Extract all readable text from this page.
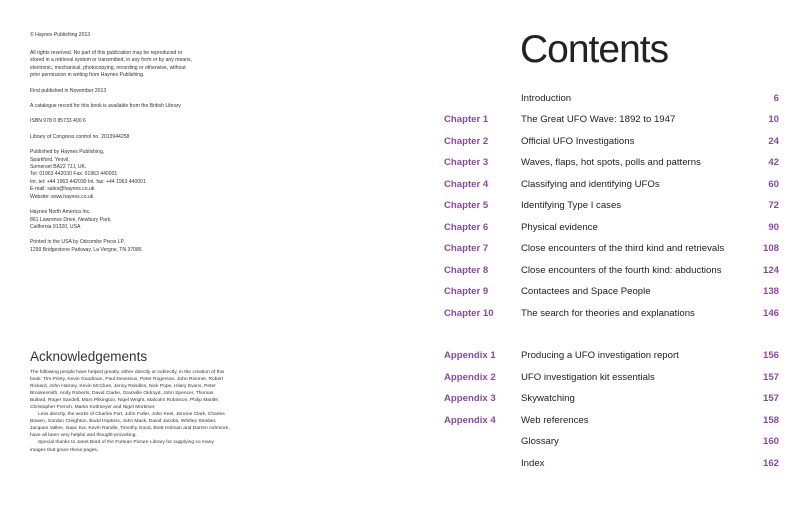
© Haynes Publishing 2013

All rights reserved. No part of this publication may be reproduced or
stored in a retrieval system or transmitted, in any form or by any means,
electronic, mechanical, photocopying, recording or otherwise, without
prior permission in writing from Haynes Publishing.

First published in November 2013

A catalogue record for this book is available from the British Library

ISBN 978 0 85733 400 6

Library of Congress control no. 2013944258

Published by Haynes Publishing,
Sparkford, Yeovil,
Somerset BA22 7JJ, UK.
Tel: 01963 442030 Fax: 01963 440001
Int. tel: +44 1963 442030 Int. fax: +44 1963 440001
E-mail: sales@haynes.co.uk
Website: www.haynes.co.uk

Haynes North America Inc.
861 Lawrence Drive, Newbury Park,
California 91320, USA

Printed in the USA by Odcombe Press LP,
1299 Bridgestone Parkway, La Vergne, TN 37086

Acknowledgements

The following people have helped greatly, either directly or indirectly, in the creation of this book: Tim Printy, Kevin Goodman, Paul Devereux, Peter Rogerson, John Rimmer, Robert Rickard, John Harney, Kevin McClure, Jenny Randles, Nick Pope, Hilary Evans, Peter Brookesmith, Andy Roberts, David Clarke, Granville Oldroyd, John Spencer, Thomas Bullard, Roger Sandell, Mars Pilkington, Nigel Wright, Malcolm Robinson, Philip Mantle, Christopher French, Martin Kottmeyer and Nigel Mortimer.

Less directly, the works of Charles Fort, John Fuller, John Keel, Jerome Clark, Charles Bowen, Gordon Creighton, Budd Hopkins, John Mack, David Jacobs, Whitley Strieber, Jacques Vallee, Isaac Koi, Kevin Randle, Timothy Good, Brett Holman and Darren Ashmore, have all been very helpful and thought-provoking.

Special thanks to Janet Bord of the Fortean Picture Library for supplying so many images that grace these pages.

Contents
Introduction	6
Chapter 1	The Great UFO Wave: 1892 to 1947	10
Chapter 2	Official UFO Investigations	24
Chapter 3	Waves, flaps, hot spots, polls and patterns	42
Chapter 4	Classifying and identifying UFOs	60
Chapter 5	Identifying Type I cases	72
Chapter 6	Physical evidence	90
Chapter 7	Close encounters of the third kind and retrievals	108
Chapter 8	Close encounters of the fourth kind: abductions	124
Chapter 9	Contactees and Space People	138
Chapter 10	The search for theories and explanations	146
Appendix 1	Producing a UFO investigation report	156
Appendix 2	UFO investigation kit essentials	157
Appendix 3	Skywatching	157
Appendix 4	Web references	158
Glossary	160
Index	162
